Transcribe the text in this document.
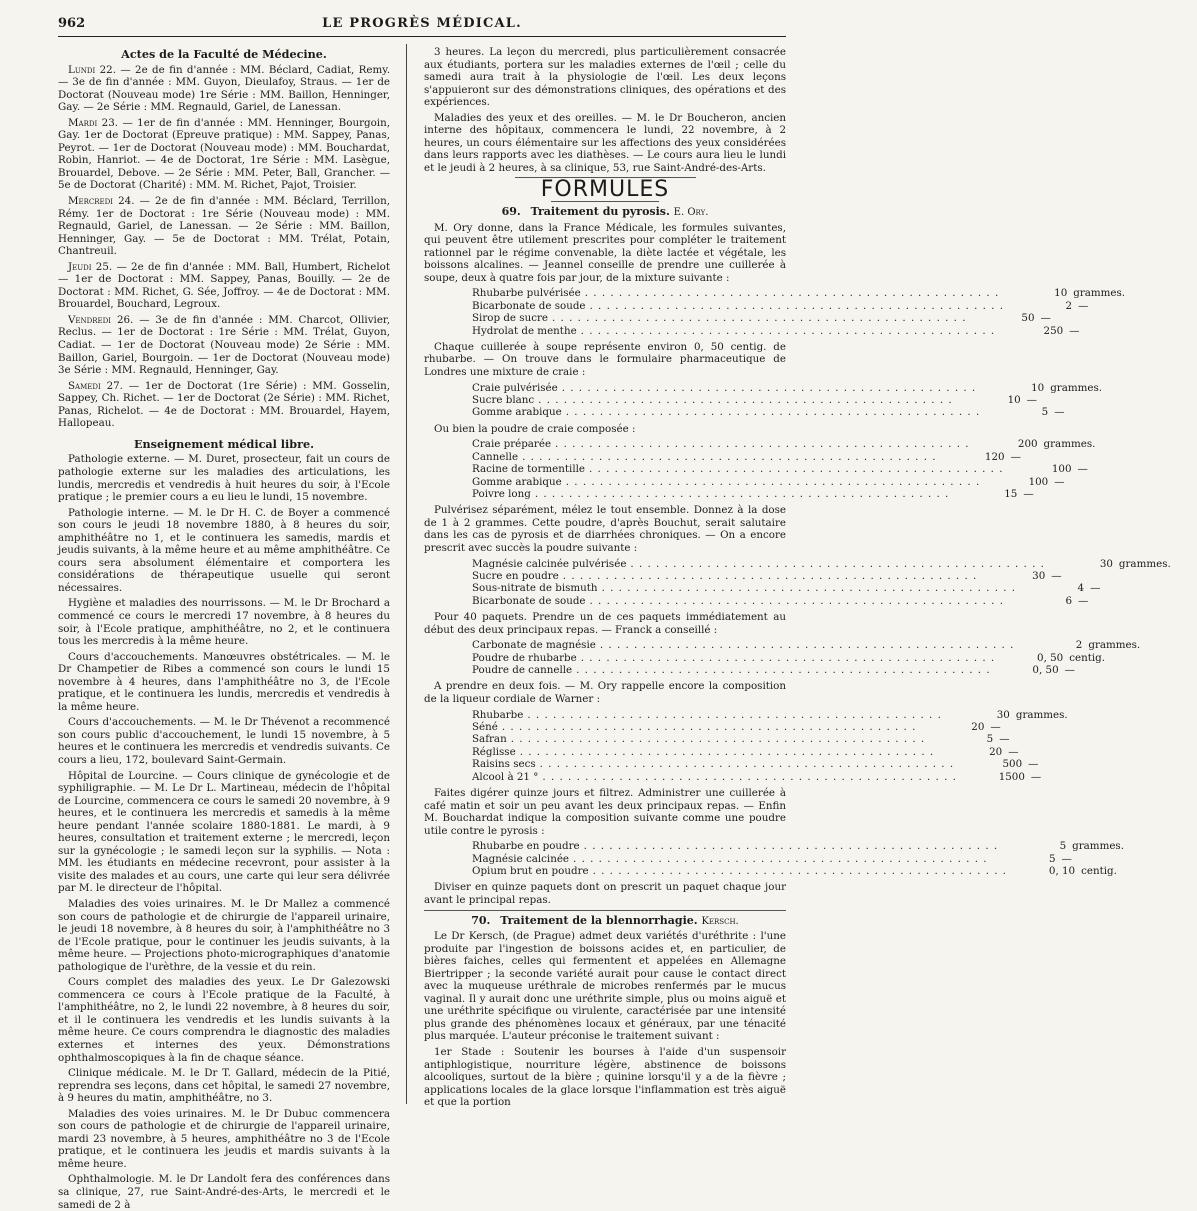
962	LE PROGRÈS MÉDICAL.
Actes de la Faculté de Médecine.

Lundi 22. — 2e de fin d'année : MM. Béclard, Cadiat, Remy. — 3e de fin d'année : MM. Guyon, Dieulafoy, Straus. — 1er de Doctorat (Nouveau mode) 1re Série : MM. Baillon, Henninger, Gay. — 2e Série : MM. Regnauld, Gariel, de Lanessan.

Mardi 23. — 1er de fin d'année : MM. Henninger, Bourgoin, Gay. 1er de Doctorat (Epreuve pratique) : MM. Sappey, Panas, Peyrot. — 1er de Doctorat (Nouveau mode) : MM. Bouchardat, Robin, Hanriot. — 4e de Doctorat, 1re Série : MM. Lasègue, Brouardel, Debove. — 2e Série : MM. Peter, Ball, Grancher. — 5e de Doctorat (Charité) : MM. M. Richet, Pajot, Troisier.

Mercredi 24. — 2e de fin d'année : MM. Béclard, Terrillon, Rémy. 1er de Doctorat : 1re Série (Nouveau mode) : MM. Regnauld, Gariel, de Lanessan. — 2e Série : MM. Baillon, Henninger, Gay. — 5e de Doctorat : MM. Trélat, Potain, Chantreuil.

Jeudi 25. — 2e de fin d'année : MM. Ball, Humbert, Richelot — 1er de Doctorat : MM. Sappey, Panas, Bouilly. — 2e de Doctorat : MM. Richet, G. Sée, Joffroy. — 4e de Doctorat : MM. Brouardel, Bouchard, Legroux.

Vendredi 26. — 3e de fin d'année : MM. Charcot, Ollivier, Reclus. — 1er de Doctorat : 1re Série : MM. Trélat, Guyon, Cadiat. — 1er de Doctorat (Nouveau mode) 2e Série : MM. Baillon, Gariel, Bourgoin. — 1er de Doctorat (Nouveau mode) 3e Série : MM. Regnauld, Henninger, Gay.

Samedi 27. — 1er de Doctorat (1re Série) : MM. Gosselin, Sappey, Ch. Richet. — 1er de Doctorat (2e Série) : MM. Richet, Panas, Richelot. — 4e de Doctorat : MM. Brouardel, Hayem, Hallopeau.

Enseignement médical libre.

Pathologie externe. — M. Duret, prosecteur, fait un cours de pathologie externe sur les maladies des articulations, les lundis, mercredis et vendredis à huit heures du soir, à l'Ecole pratique ; le premier cours a eu lieu le lundi, 15 novembre.

Pathologie interne. — M. le Dr H. C. de Boyer a commencé son cours le jeudi 18 novembre 1880, à 8 heures du soir, amphithéâtre no 1, et le continuera les samedis, mardis et jeudis suivants, à la même heure et au même amphithéâtre. Ce cours sera absolument élémentaire et comportera les considérations de thérapeutique usuelle qui seront nécessaires.

Hygiène et maladies des nourrissons. — M. le Dr Brochard a commencé ce cours le mercredi 17 novembre, à 8 heures du soir, à l'Ecole pratique, amphithéâtre, no 2, et le continuera tous les mercredis à la même heure.

Cours d'accouchements. Manœuvres obstétricales. — M. le Dr Champetier de Ribes a commencé son cours le lundi 15 novembre à 4 heures, dans l'amphithéâtre no 3, de l'Ecole pratique, et le continuera les lundis, mercredis et vendredis à la même heure.

Cours d'accouchements. — M. le Dr Thévenot a recommencé son cours public d'accouchement, le lundi 15 novembre, à 5 heures et le continuera les mercredis et vendredis suivants. Ce cours a lieu, 172, boulevard Saint-Germain.

Hôpital de Lourcine. — Cours clinique de gynécologie et de syphiligraphie. — M. Le Dr L. Martineau, médecin de l'hôpital de Lourcine, commencera ce cours le samedi 20 novembre, à 9 heures, et le continuera les mercredis et samedis à la même heure pendant l'année scolaire 1880-1881. Le mardi, à 9 heures, consultation et traitement externe ; le mercredi, leçon sur la gynécologie ; le samedi leçon sur la syphilis. — Nota : MM. les étudiants en médecine recevront, pour assister à la visite des malades et au cours, une carte qui leur sera délivrée par M. le directeur de l'hôpital.

Maladies des voies urinaires. M. le Dr Mallez a commencé son cours de pathologie et de chirurgie de l'appareil urinaire, le jeudi 18 novembre, à 8 heures du soir, à l'amphithéâtre no 3 de l'Ecole pratique, pour le continuer les jeudis suivants, à la même heure. — Projections photo-micrographiques d'anatomie pathologique de l'urèthre, de la vessie et du rein.

Cours complet des maladies des yeux. Le Dr Galezowski commencera ce cours à l'Ecole pratique de la Faculté, à l'amphithéâtre, no 2, le lundi 22 novembre, à 8 heures du soir, et il le continuera les vendredis et les lundis suivants à la même heure. Ce cours comprendra le diagnostic des maladies externes et internes des yeux. Démonstrations ophthalmoscopiques à la fin de chaque séance.

Clinique médicale. M. le Dr T. Gallard, médecin de la Pitié, reprendra ses leçons, dans cet hôpital, le samedi 27 novembre, à 9 heures du matin, amphithéâtre, no 3.

Maladies des voies urinaires. M. le Dr Dubuc commencera son cours de pathologie et de chirurgie de l'appareil urinaire, mardi 23 novembre, à 5 heures, amphithéâtre no 3 de l'Ecole pratique, et le continuera les jeudis et mardis suivants à la même heure.

Ophthalmologie. M. le Dr Landolt fera des conférences dans sa clinique, 27, rue Saint-André-des-Arts, le mercredi et le samedi de 2 à

3 heures. La leçon du mercredi, plus particulièrement consacrée aux étudiants, portera sur les maladies externes de l'œil ; celle du samedi aura trait à la physiologie de l'œil. Les deux leçons s'appuieront sur des démonstrations cliniques, des opérations et des expériences.

Maladies des yeux et des oreilles. — M. le Dr Boucheron, ancien interne des hôpitaux, commencera le lundi, 22 novembre, à 2 heures, un cours élémentaire sur les affections des yeux considérées dans leurs rapports avec les diathèses. — Le cours aura lieu le lundi et le jeudi à 2 heures, à sa clinique, 53, rue Saint-André-des-Arts.

FORMULES
69. Traitement du pyrosis. E. Ory.

M. Ory donne, dans la France Médicale, les formules suivantes, qui peuvent être utilement prescrites pour compléter le traitement rationnel par le régime convenable, la diète lactée et végétale, les boissons alcalines. — Jeannel conseille de prendre une cuillerée à soupe, deux à quatre fois par jour, de la mixture suivante :

Rhubarbe pulvérisée . . .	10 grammes.
Bicarbonate de soude . . .	2 —
Sirop de sucre . . .	50 —
Hydrolat de menthe . . .	250 —

Chaque cuillerée à soupe représente environ 0, 50 centig. de rhubarbe. — On trouve dans le formulaire pharmaceutique de Londres une mixture de craie :

Craie pulvérisée . . .	10 grammes.
Sucre blanc . . .	10 —
Gomme arabique . . .	5 —

Ou bien la poudre de craie composée :

Craie préparée . . .	200 grammes.
Cannelle . . .	120 —
Racine de tormentille . . .	100 —
Gomme arabique . . .	100 —
Poivre long . . .	15 —

Pulvérisez séparément, mélez le tout ensemble. Donnez à la dose de 1 à 2 grammes. Cette poudre, d'après Bouchut, serait salutaire dans les cas de pyrosis et de diarrhées chroniques. — On a encore prescrit avec succès la poudre suivante :

Magnésie calcinée pulvérisée . . .	30 grammes.
Sucre en poudre . . .	30 —
Sous-nitrate de bismuth . . .	4 —
Bicarbonate de soude . . .	6 —

Pour 40 paquets. Prendre un de ces paquets immédiatement au début des deux principaux repas. — Franck a conseillé :

Carbonate de magnésie . . .	2 grammes.
Poudre de rhubarbe . . .	0, 50 centig.
Poudre de cannelle . . .	0, 50 —

A prendre en deux fois. — M. Ory rappelle encore la composition de la liqueur cordiale de Warner :

Rhubarbe . . .	30 grammes.
Séné . . .	20 —
Safran . . .	5 —
Réglisse . . .	20 —
Raisins secs . . .	500 —
Alcool à 21 ° . . .	1500 —

Faites digérer quinze jours et filtrez. Administrer une cuillerée à café matin et soir un peu avant les deux principaux repas. — Enfin M. Bouchardat indique la composition suivante comme une poudre utile contre le pyrosis :

Rhubarbe en poudre . . .	5 grammes.
Magnésie calcinée . . .	5 —
Opium brut en poudre . . .	0, 10 centig.

Diviser en quinze paquets dont on prescrit un paquet chaque jour avant le principal repas.

70. Traitement de la blennorrhagie. Kersch.

Le Dr Kersch, (de Prague) admet deux variétés d'uréthrite : l'une produite par l'ingestion de boissons acides et, en particulier, de bières faiches, celles qui fermentent et appelées en Allemagne Biertripper ; la seconde variété aurait pour cause le contact direct avec la muqueuse uréthrale de microbes renfermés par le mucus vaginal. Il y aurait donc une uréthrite simple, plus ou moins aiguë et une uréthrite spécifique ou virulente, caractérisée par une intensité plus grande des phénomènes locaux et généraux, par une ténacité plus marquée. L'auteur préconise le traitement suivant :

1er Stade : Soutenir les bourses à l'aide d'un suspensoir antiphlogistique, nourriture légère, abstinence de boissons alcooliques, surtout de la bière ; quinine lorsqu'il y a de la fièvre ; applications locales de la glace lorsque l'inflammation est très aiguë et que la portion
